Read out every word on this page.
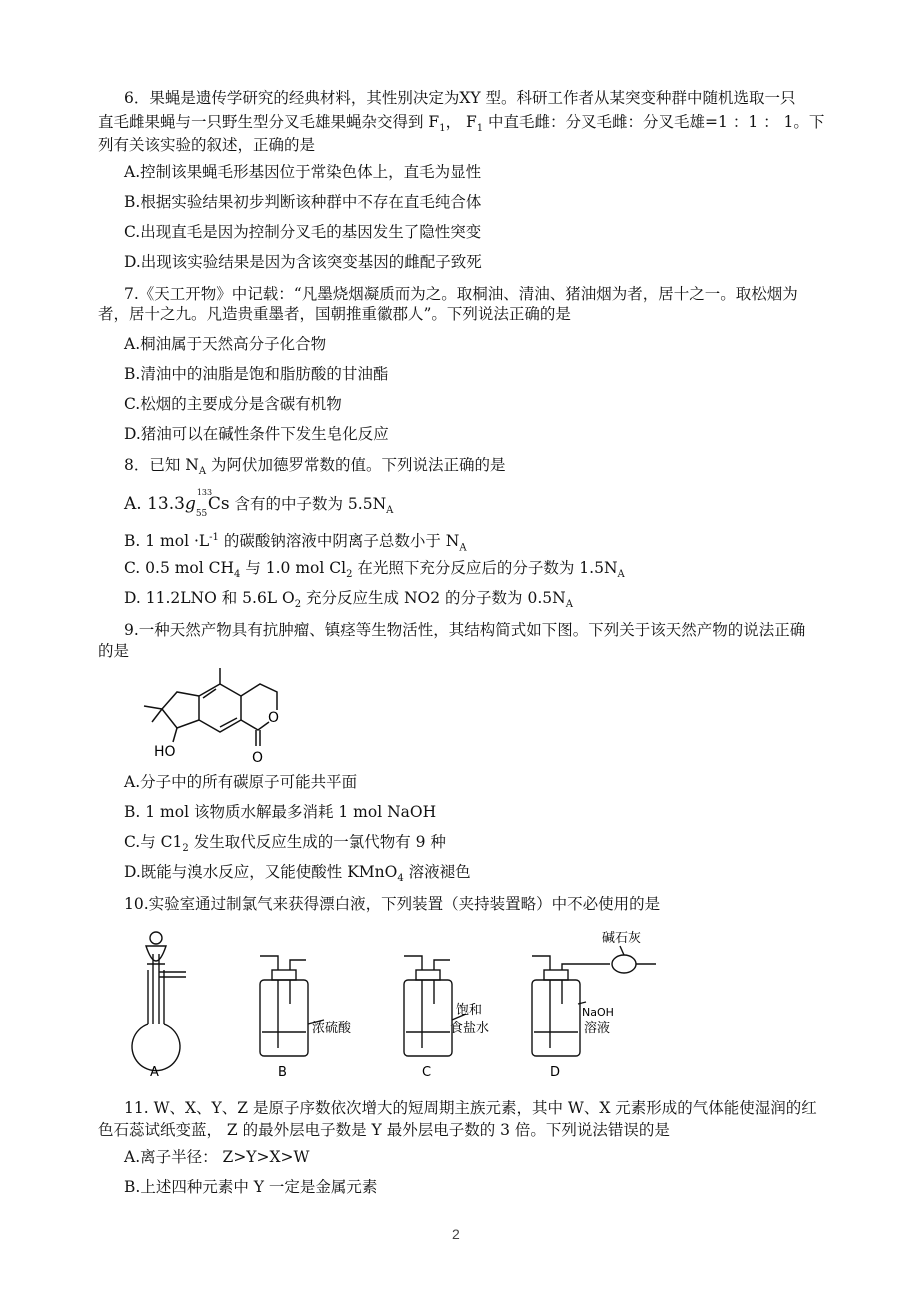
6．果蝇是遗传学研究的经典材料，其性别决定为XY 型。科研工作者从某突变种群中随机选取一只
直毛雌果蝇与一只野生型分叉毛雄果蝇杂交得到 $F_1$， $F_1$ 中直毛雌：分叉毛雌：分叉毛雄=1 ：1 ： 1。下
列有关该实验的叙述，正确的是
A.控制该果蝇毛形基因位于常染色体上，直毛为显性
B.根据实验结果初步判断该种群中不存在直毛纯合体
C.出现直毛是因为控制分叉毛的基因发生了隐性突变
D.出现该实验结果是因为含该突变基因的雌配子致死
7.《天工开物》中记载：“凡墨烧烟凝质而为之。取桐油、清油、猪油烟为者，居十之一。取松烟为
者，居十之九。凡造贵重墨者，国朝推重徽郡人”。下列说法正确的是
A.桐油属于天然高分子化合物
B.清油中的油脂是饱和脂肪酸的甘油酯
C.松烟的主要成分是含碳有机物
D.猪油可以在碱性条件下发生皂化反应
8．已知 $N_A$ 为阿伏加德罗常数的值。下列说法正确的是
A. 13.3g
133
55 Cs 含有的中子数为 $5.5N_A$
B. 1 mol $\cdot L^{-1}$ 的碳酸钠溶液中阴离子总数小于 $N_A$
C. 0.5 mol $CH_4$ 与 1.0 mol $Cl_2$ 在光照下充分反应后的分子数为 $1.5N_A$
D. 11.2LNO 和 5.6L $O_2$ 充分反应生成 NO2 的分子数为 $0.5N_A$
9.一种天然产物具有抗肿瘤、镇痉等生物活性，其结构简式如下图。下列关于该天然产物的说法正确
的是
O
O
HO
A.分子中的所有碳原子可能共平面
B. 1 mol 该物质水解最多消耗 1 mol NaOH
C.与 $C1_2$ 发生取代反应生成的一氯代物有 9 种
D.既能与溴水反应，又能使酸性 KMnO$_4$ 溶液褪色
10.实验室通过制氯气来获得漂白液，下列装置（夹持装置略）中不必使用的是
A	B	C	D
浓硫酸
饱和
食盐水
NaOH
溶液
碱石灰
11. W、X、Y、Z 是原子序数依次增大的短周期主族元素，其中 W、X 元素形成的气体能使湿润的红
色石蕊试纸变蓝， Z 的最外层电子数是 Y 最外层电子数的 3 倍。下列说法错误的是
A.离子半径： Z>Y>X>W
B.上述四种元素中 Y 一定是金属元素
2
